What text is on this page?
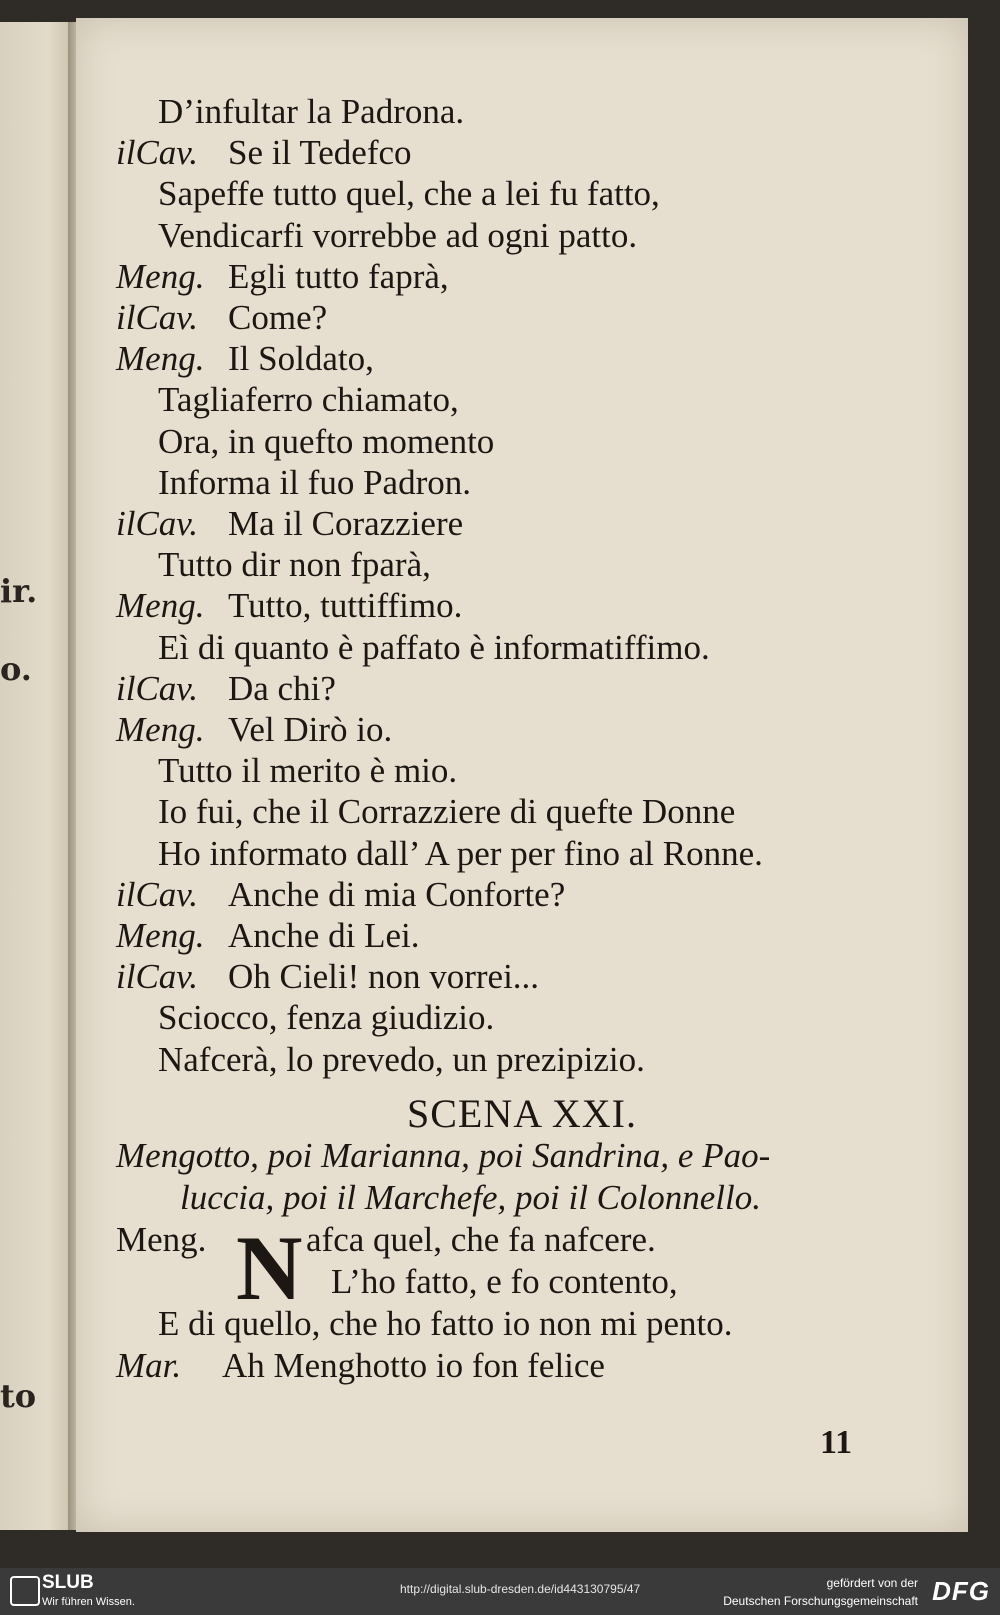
ir.
o.
to
D’infultar la Padrona.
ilCav. Se il Tedefco
Sapeffe tutto quel, che a lei fu fatto,
Vendicarfi vorrebbe ad ogni patto.
Meng. Egli tutto faprà,
ilCav. Come?
Meng. Il Soldato,
Tagliaferro chiamato,
Ora, in quefto momento
Informa il fuo Padron.
ilCav. Ma il Corazziere
Tutto dir non fparà,
Meng. Tutto, tuttiffimo.
Eì di quanto è paffato è informatiffimo.
ilCav. Da chi?
Meng. Vel Dirò io.
Tutto il merito è mio.
Io fui, che il Corrazziere di quefte Donne
Ho informato dall’ A per per fino al Ronne.
ilCav. Anche di mia Conforte?
Meng. Anche di Lei.
ilCav. Oh Cieli! non vorrei...
Sciocco, fenza giudizio.
Nafcerà, lo prevedo, un prezipizio.
SCENA XXI.
Mengotto, poi Marianna, poi Sandrina, e Pao-
luccia, poi il Marchefe, poi il Colonnello.
Meng. N afca quel, che fa nafcere.
L’ho fatto, e fo contento,
E di quello, che ho fatto io non mi pento.
Mar. Ah Menghotto io fon felice
11
SLUB
Wir führen Wissen.
http://digital.slub-dresden.de/id443130795/47	gefördert von der
Deutschen Forschungsgemeinschaft DFG
